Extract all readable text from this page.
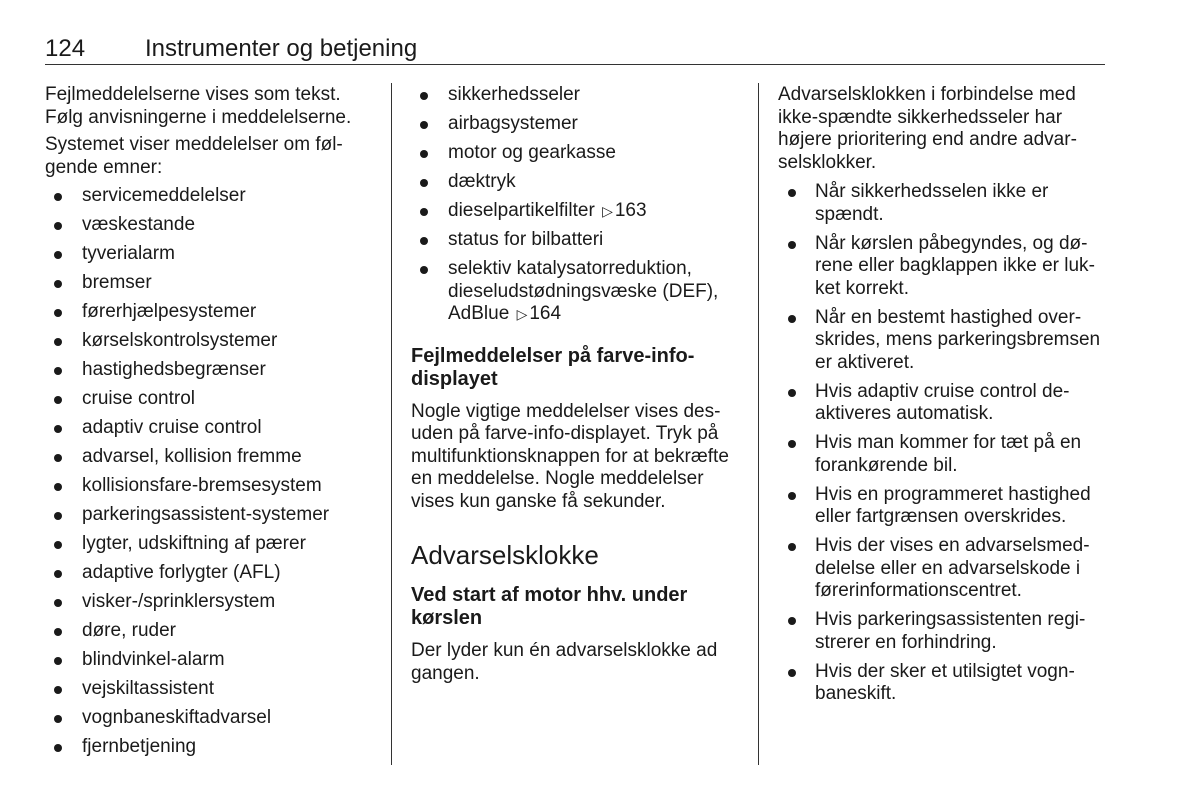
124 Instrumenter og betjening

Fejlmeddelelserne vises som tekst. Følg anvisningerne i meddelelserne.

Systemet viser meddelelser om følgende emner:

servicemeddelelser
væskestande
tyverialarm
bremser
førerhjælpesystemer
kørselskontrolsystemer
hastighedsbegrænser
cruise control
adaptiv cruise control
advarsel, kollision fremme
kollisionsfare-bremsesystem
parkeringsassistent-systemer
lygter, udskiftning af pærer
adaptive forlygter (AFL)
visker-/sprinklersystem
døre, ruder
blindvinkel-alarm
vejskiltassistent
vognbaneskiftadvarsel
fjernbetjening
sikkerhedsseler
airbagsystemer
motor og gearkasse
dæktryk
dieselpartikelfilter ▷ 163
status for bilbatteri
selektiv katalysatorreduktion, dieseludstødningsvæske (DEF), AdBlue ▷ 164
Fejlmeddelelser på farve-infodisplayet

Nogle vigtige meddelelser vises desuden på farve-info-displayet. Tryk på multifunktionsknappen for at bekræfte en meddelelse. Nogle meddelelser vises kun ganske få sekunder.

Advarselsklokke
Ved start af motor hhv. under kørslen

Der lyder kun én advarselsklokke ad gangen.

Advarselsklokken i forbindelse med ikke-spændte sikkerhedsseler har højere prioritering end andre advarselsklokker.

Når sikkerhedsselen ikke er spændt.
Når kørslen påbegyndes, og dørene eller bagklappen ikke er lukket korrekt.
Når en bestemt hastighed overskrides, mens parkeringsbremsen er aktiveret.
Hvis adaptiv cruise control deaktiveres automatisk.
Hvis man kommer for tæt på en forankørende bil.
Hvis en programmeret hastighed eller fartgrænsen overskrides.
Hvis der vises en advarselsmeddelelse eller en advarselskode i førerinformationscentret.
Hvis parkeringsassistenten registrerer en forhindring.
Hvis der sker et utilsigtet vognbaneskift.
